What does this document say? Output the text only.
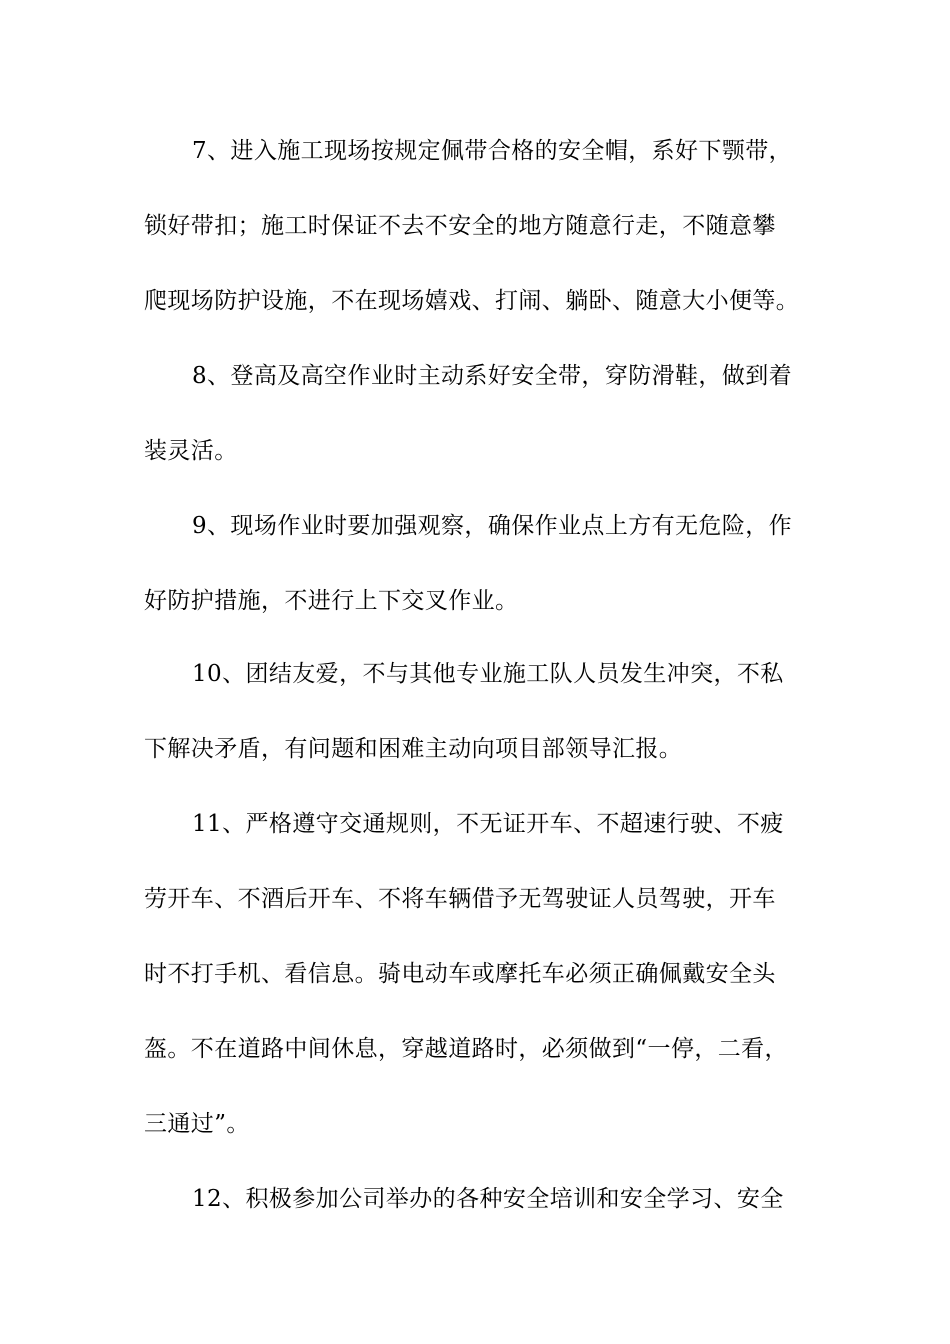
7、进入施工现场按规定佩带合格的安全帽，系好下颚带，
锁好带扣；施工时保证不去不安全的地方随意行走，不随意攀
爬现场防护设施，不在现场嬉戏、打闹、躺卧、随意大小便等。
8、登高及高空作业时主动系好安全带，穿防滑鞋，做到着
装灵活。
9、现场作业时要加强观察，确保作业点上方有无危险，作
好防护措施，不进行上下交叉作业。
10、团结友爱，不与其他专业施工队人员发生冲突，不私
下解决矛盾，有问题和困难主动向项目部领导汇报。
11、严格遵守交通规则，不无证开车、不超速行驶、不疲
劳开车、不酒后开车、不将车辆借予无驾驶证人员驾驶，开车
时不打手机、看信息。骑电动车或摩托车必须正确佩戴安全头
盔。不在道路中间休息，穿越道路时，必须做到“一停，二看，
三通过”。
12、积极参加公司举办的各种安全培训和安全学习、安全
